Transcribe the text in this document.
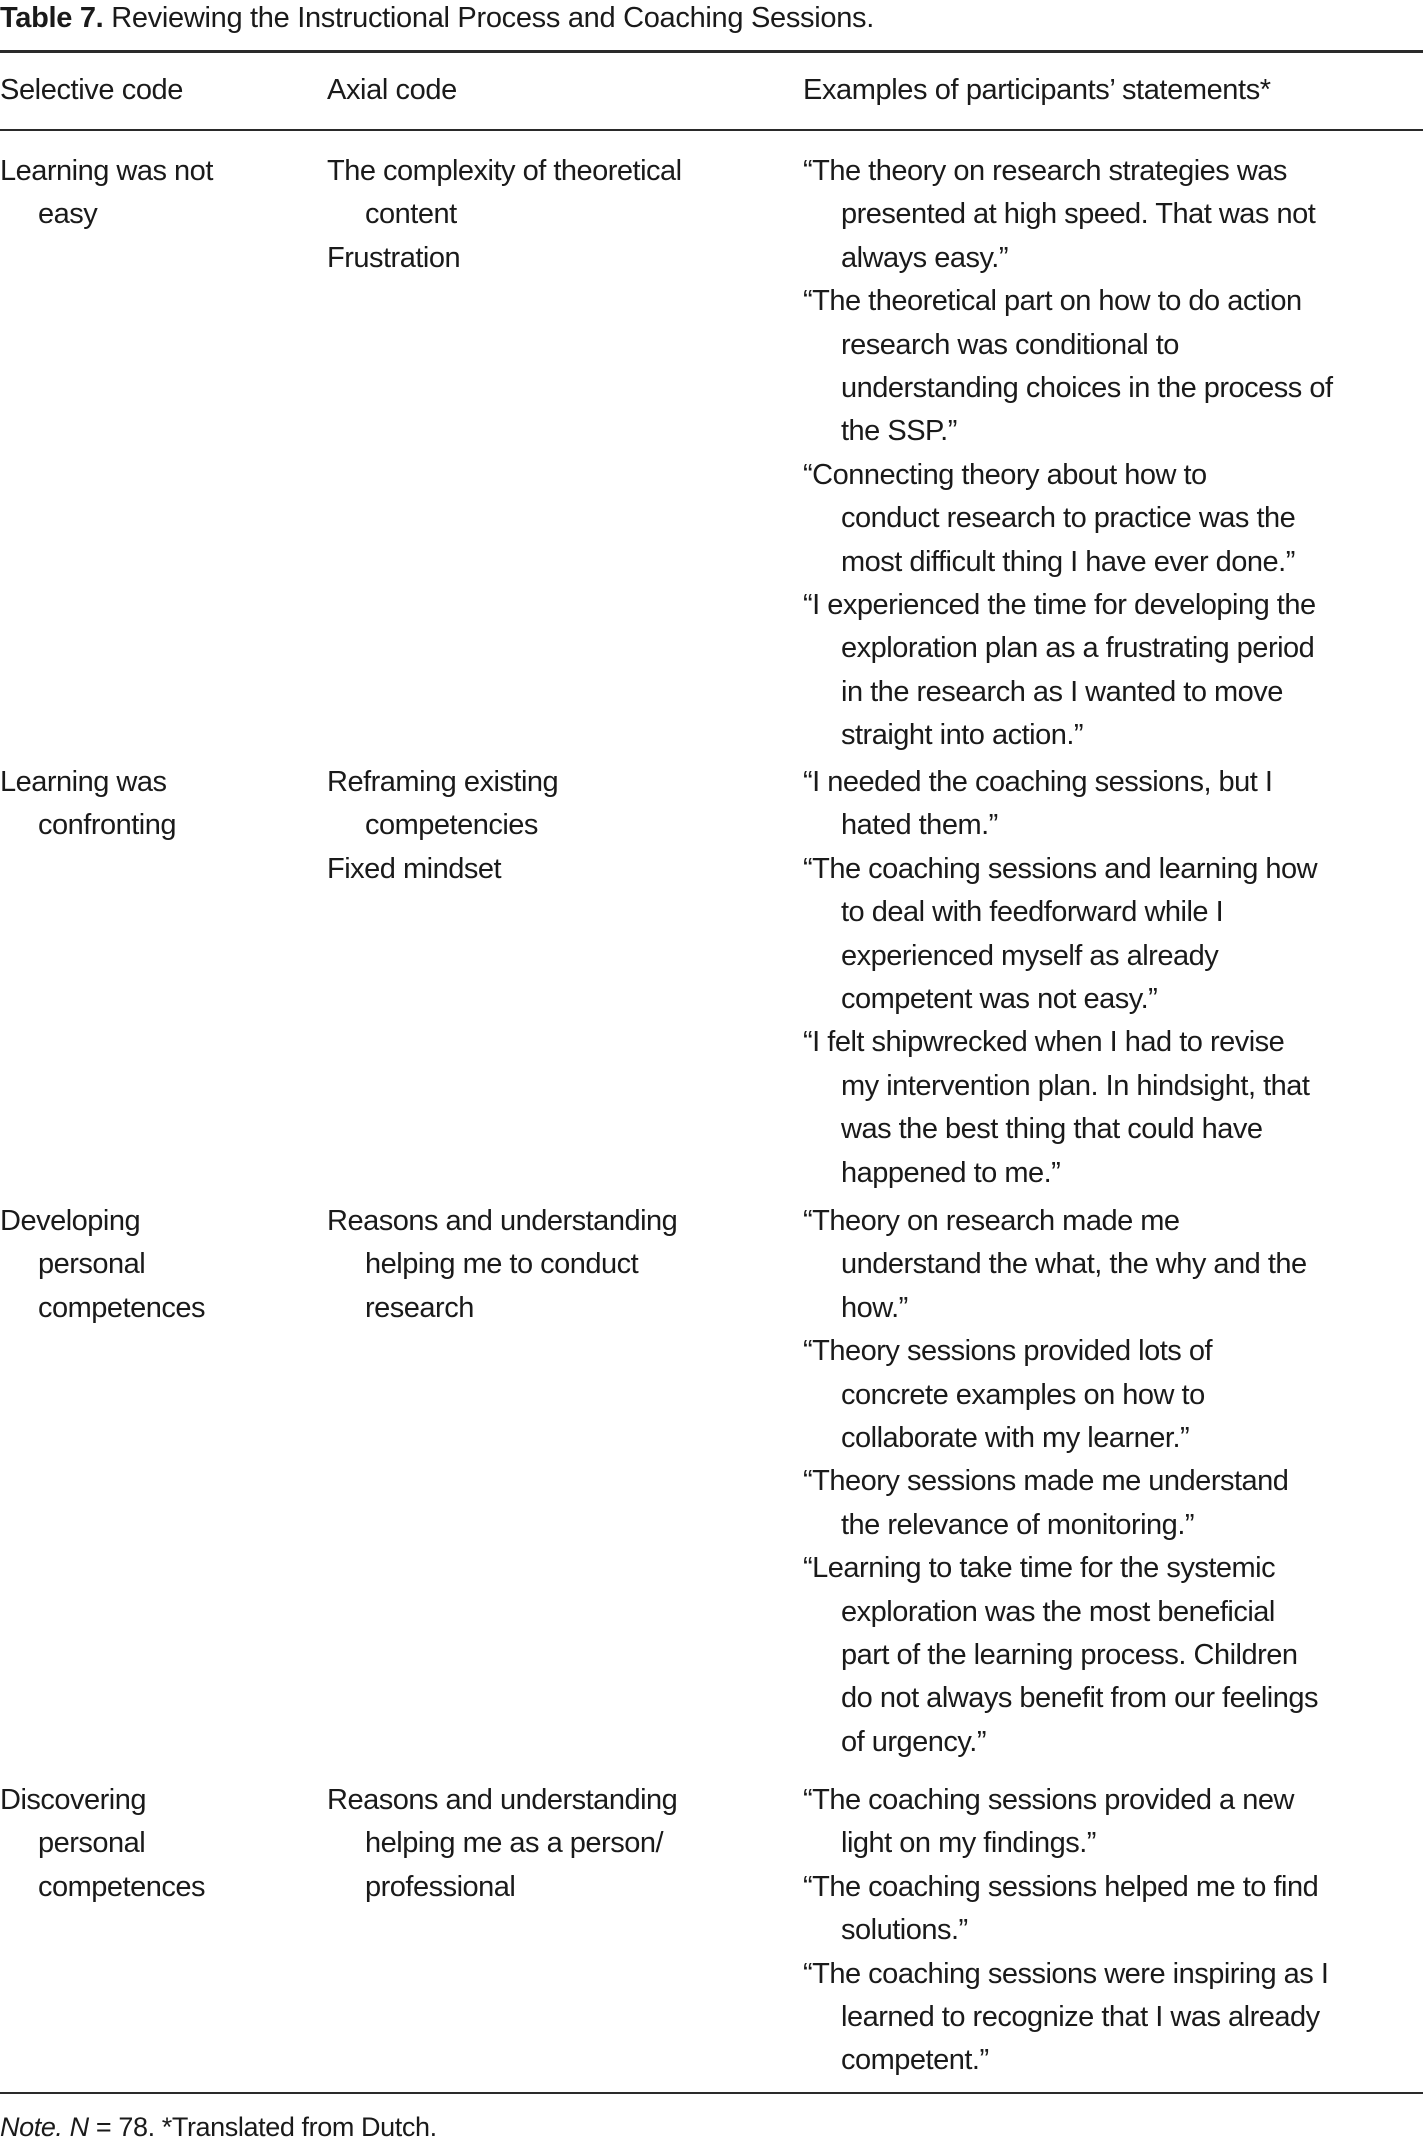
Table 7. Reviewing the Instructional Process and Coaching Sessions.
Selective code	Axial code	Examples of participants’ statements*
Learning was not
easy
The complexity of theoretical
content
Frustration
“The theory on research strategies was
presented at high speed. That was not
always easy.”
“The theoretical part on how to do action
research was conditional to
understanding choices in the process of
the SSP.”
“Connecting theory about how to
conduct research to practice was the
most difficult thing I have ever done.”
“I experienced the time for developing the
exploration plan as a frustrating period
in the research as I wanted to move
straight into action.”
Learning was
confronting
Reframing existing
competencies
Fixed mindset
“I needed the coaching sessions, but I
hated them.”
“The coaching sessions and learning how
to deal with feedforward while I
experienced myself as already
competent was not easy.”
“I felt shipwrecked when I had to revise
my intervention plan. In hindsight, that
was the best thing that could have
happened to me.”
Developing
personal
competences
Reasons and understanding
helping me to conduct
research
“Theory on research made me
understand the what, the why and the
how.”
“Theory sessions provided lots of
concrete examples on how to
collaborate with my learner.”
“Theory sessions made me understand
the relevance of monitoring.”
“Learning to take time for the systemic
exploration was the most beneficial
part of the learning process. Children
do not always benefit from our feelings
of urgency.”
Discovering
personal
competences
Reasons and understanding
helping me as a person/
professional
“The coaching sessions provided a new
light on my findings.”
“The coaching sessions helped me to find
solutions.”
“The coaching sessions were inspiring as I
learned to recognize that I was already
competent.”
Note. N = 78. *Translated from Dutch.
